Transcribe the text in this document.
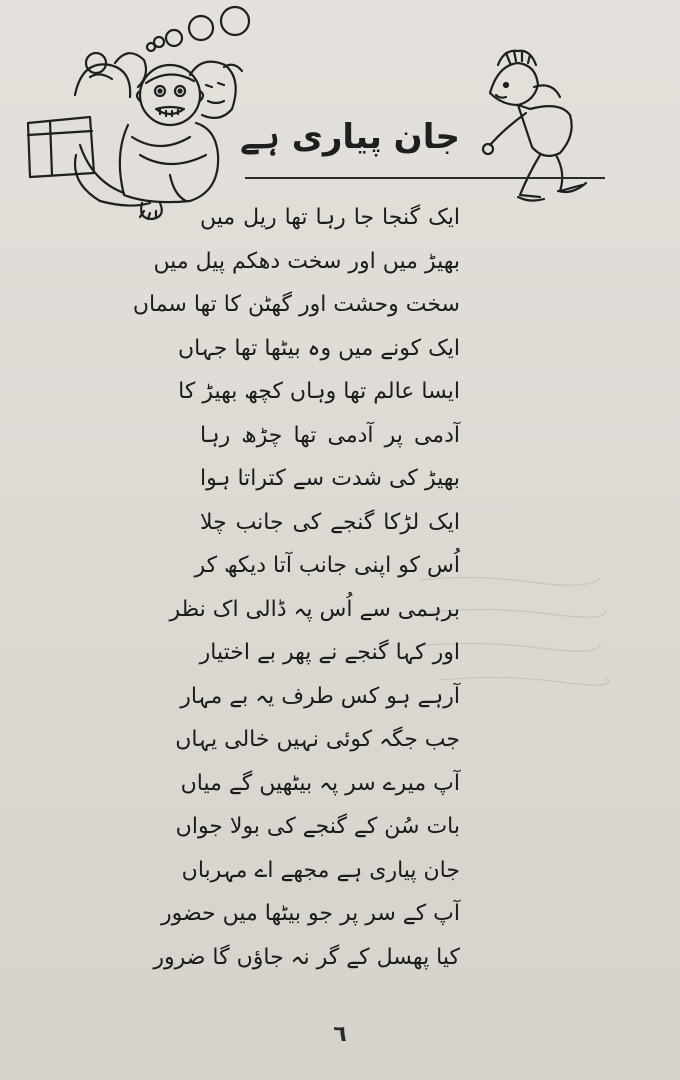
جان پیاری ہے
ایک گنجا جا رہا تھا ریل میں
بھیڑ میں اور سخت دھکم پیل میں
سخت وحشت اور گھٹن کا تھا سماں
ایک کونے میں وہ بیٹھا تھا جہاں
ایسا عالم تھا وہاں کچھ بھیڑ کا
آدمی پر آدمی تھا چڑھ رہا
بھیڑ کی شدت سے کتراتا ہوا
ایک لڑکا گنجے کی جانب چلا
اُس کو اپنی جانب آتا دیکھ کر
برہمی سے اُس پہ ڈالی اک نظر
اور کہا گنجے نے پھر بے اختیار
آرہے ہو کس طرف یہ بے مہار
جب جگہ کوئی نہیں خالی یہاں
آپ میرے سر پہ بیٹھیں گے میاں
بات سُن کے گنجے کی بولا جواں
جان پیاری ہے مجھے اے مہرباں
آپ کے سر پر جو بیٹھا میں حضور
کیا پھسل کے گر نہ جاؤں گا ضرور
٦
